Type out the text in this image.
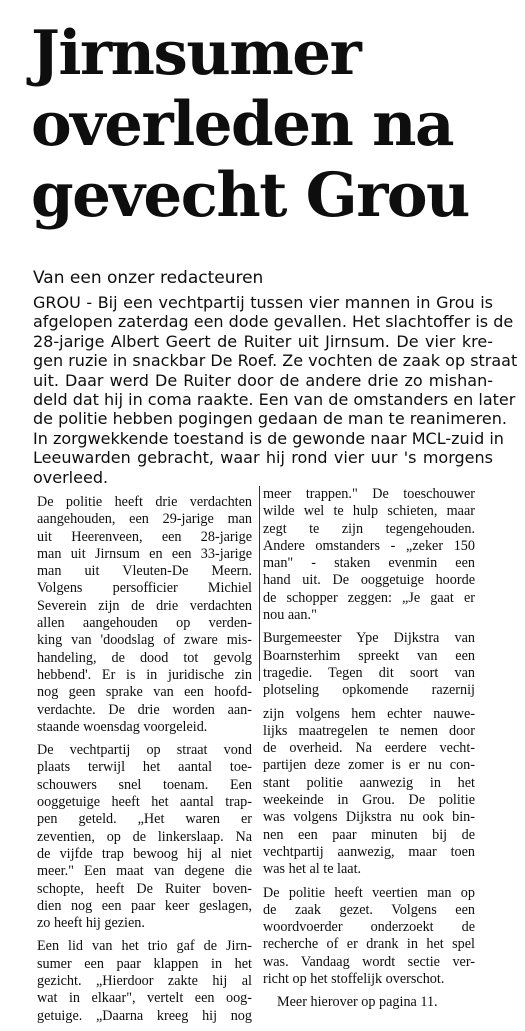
Jirnsumer
overleden na
gevecht Grou
Van een onzer redacteuren
GROU - Bij een vechtpartij tussen vier mannen in Grou is
afgelopen zaterdag een dode gevallen. Het slachtoffer is de
28-jarige Albert Geert de Ruiter uit Jirnsum. De vier kre-
gen ruzie in snackbar De Roef. Ze vochten de zaak op straat
uit. Daar werd De Ruiter door de andere drie zo mishan-
deld dat hij in coma raakte. Een van de omstanders en later
de politie hebben pogingen gedaan de man te reanimeren.
In zorgwekkende toestand is de gewonde naar MCL-zuid in
Leeuwarden gebracht, waar hij rond vier uur 's morgens
overleed.

De politie heeft drie verdachten
aangehouden, een 29-jarige man
uit Heerenveen, een 28-jarige
man uit Jirnsum en een 33-jarige
man uit Vleuten-De Meern.
Volgens persofficier Michiel
Severein zijn de drie verdachten
allen aangehouden op verden-
king van 'doodslag of zware mis-
handeling, de dood tot gevolg
hebbend'. Er is in juridische zin
nog geen sprake van een hoofd-
verdachte. De drie worden aan-
staande woensdag voorgeleid.

De vechtpartij op straat vond
plaats terwijl het aantal toe-
schouwers snel toenam. Een
ooggetuige heeft het aantal trap-
pen geteld. „Het waren er
zeventien, op de linkerslaap. Na
de vijfde trap bewoog hij al niet
meer." Een maat van degene die
schopte, heeft De Ruiter boven-
dien nog een paar keer geslagen,
zo heeft hij gezien.

Een lid van het trio gaf de Jirn-
sumer een paar klappen in het
gezicht. „Hierdoor zakte hij al
wat in elkaar", vertelt een oog-
getuige. „Daarna kreeg hij nog

meer trappen." De toeschouwer
wilde wel te hulp schieten, maar
zegt te zijn tegengehouden.
Andere omstanders - „zeker 150
man" - staken evenmin een
hand uit. De ooggetuige hoorde
de schopper zeggen: „Je gaat er
nou aan."

Burgemeester Ype Dijkstra van
Boarnsterhim spreekt van een
tragedie. Tegen dit soort van
plotseling opkomende razernij

zijn volgens hem echter nauwe-
lijks maatregelen te nemen door
de overheid. Na eerdere vecht-
partijen deze zomer is er nu con-
stant politie aanwezig in het
weekeinde in Grou. De politie
was volgens Dijkstra nu ook bin-
nen een paar minuten bij de
vechtpartij aanwezig, maar toen
was het al te laat.

De politie heeft veertien man op
de zaak gezet. Volgens een
woordvoerder onderzoekt de
recherche of er drank in het spel
was. Vandaag wordt sectie ver-
richt op het stoffelijk overschot.

Meer hierover op pagina 11.
